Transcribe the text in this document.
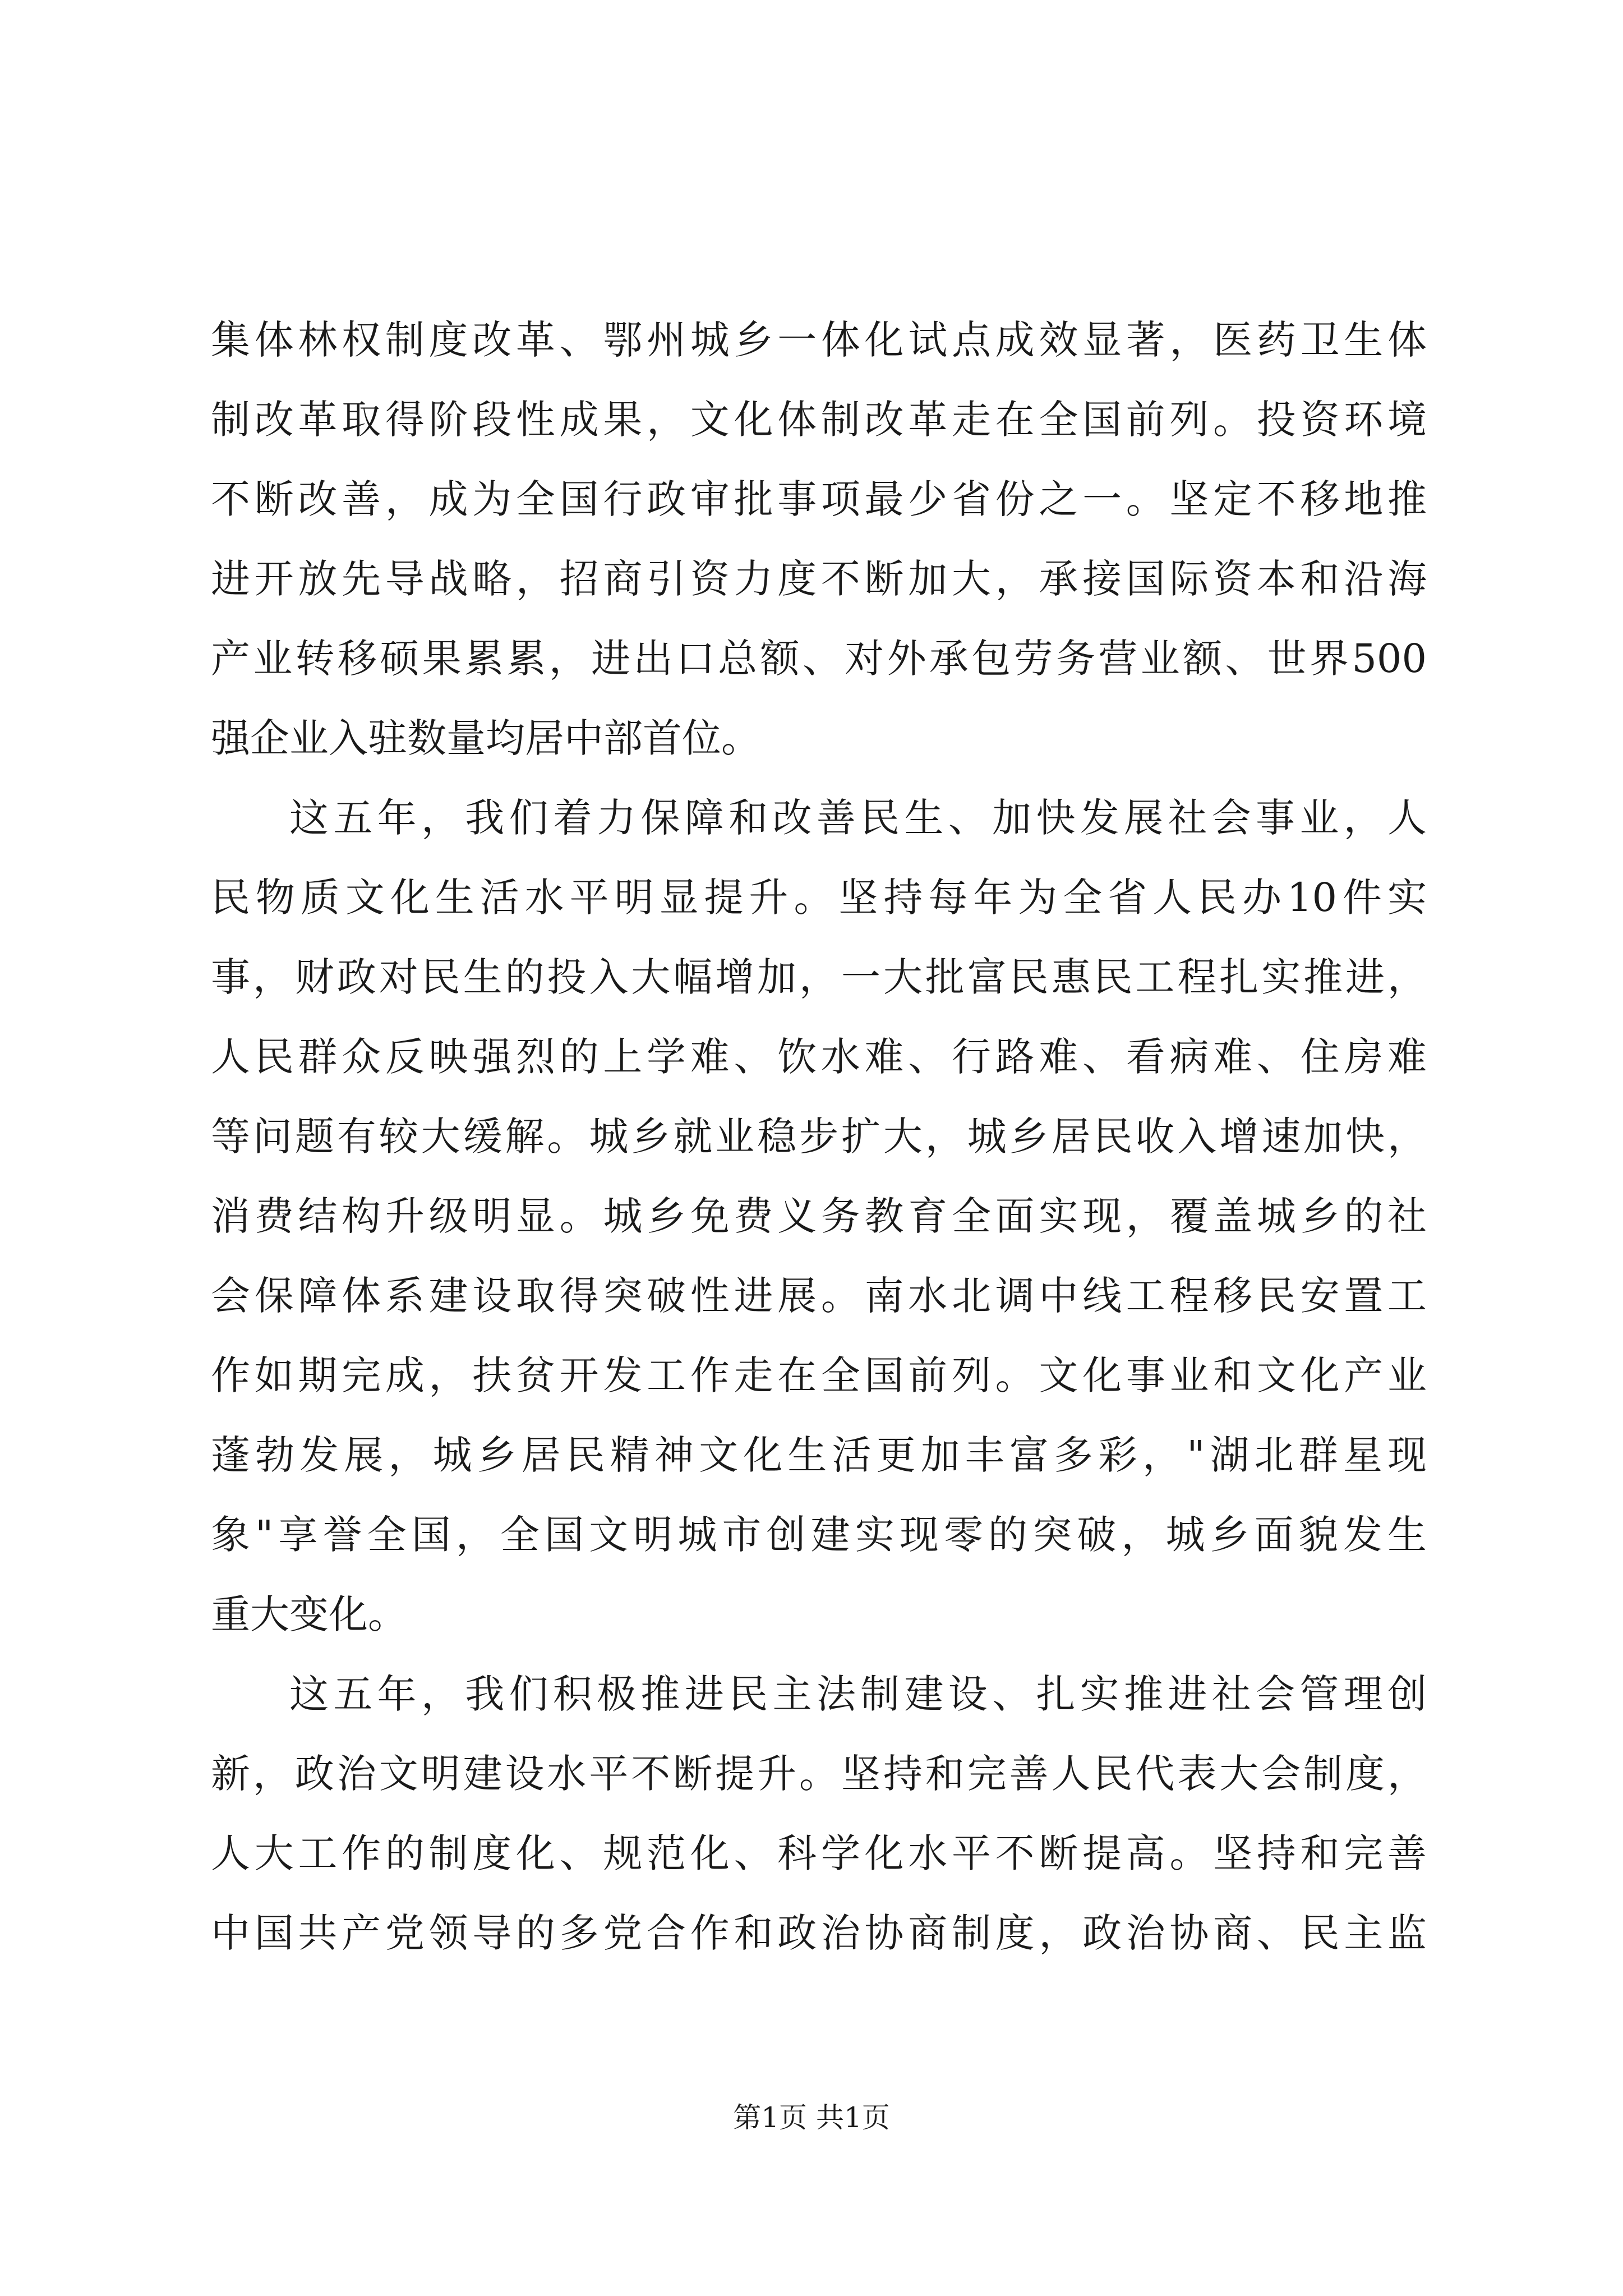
集体林权制度改革、鄂州城乡一体化试点成效显著，医药卫生体
制改革取得阶段性成果，文化体制改革走在全国前列。投资环境
不断改善，成为全国行政审批事项最少省份之一。坚定不移地推
进开放先导战略，招商引资力度不断加大，承接国际资本和沿海
产业转移硕果累累，进出口总额、对外承包劳务营业额、世界500
强企业入驻数量均居中部首位。
这五年，我们着力保障和改善民生、加快发展社会事业，人
民物质文化生活水平明显提升。坚持每年为全省人民办10件实
事，财政对民生的投入大幅增加，一大批富民惠民工程扎实推进，
人民群众反映强烈的上学难、饮水难、行路难、看病难、住房难
等问题有较大缓解。城乡就业稳步扩大，城乡居民收入增速加快，
消费结构升级明显。城乡免费义务教育全面实现，覆盖城乡的社
会保障体系建设取得突破性进展。南水北调中线工程移民安置工
作如期完成，扶贫开发工作走在全国前列。文化事业和文化产业
蓬勃发展，城乡居民精神文化生活更加丰富多彩，"湖北群星现
象"享誉全国，全国文明城市创建实现零的突破，城乡面貌发生
重大变化。
这五年，我们积极推进民主法制建设、扎实推进社会管理创
新，政治文明建设水平不断提升。坚持和完善人民代表大会制度，
人大工作的制度化、规范化、科学化水平不断提高。坚持和完善
中国共产党领导的多党合作和政治协商制度，政治协商、民主监
第1页 共1页
